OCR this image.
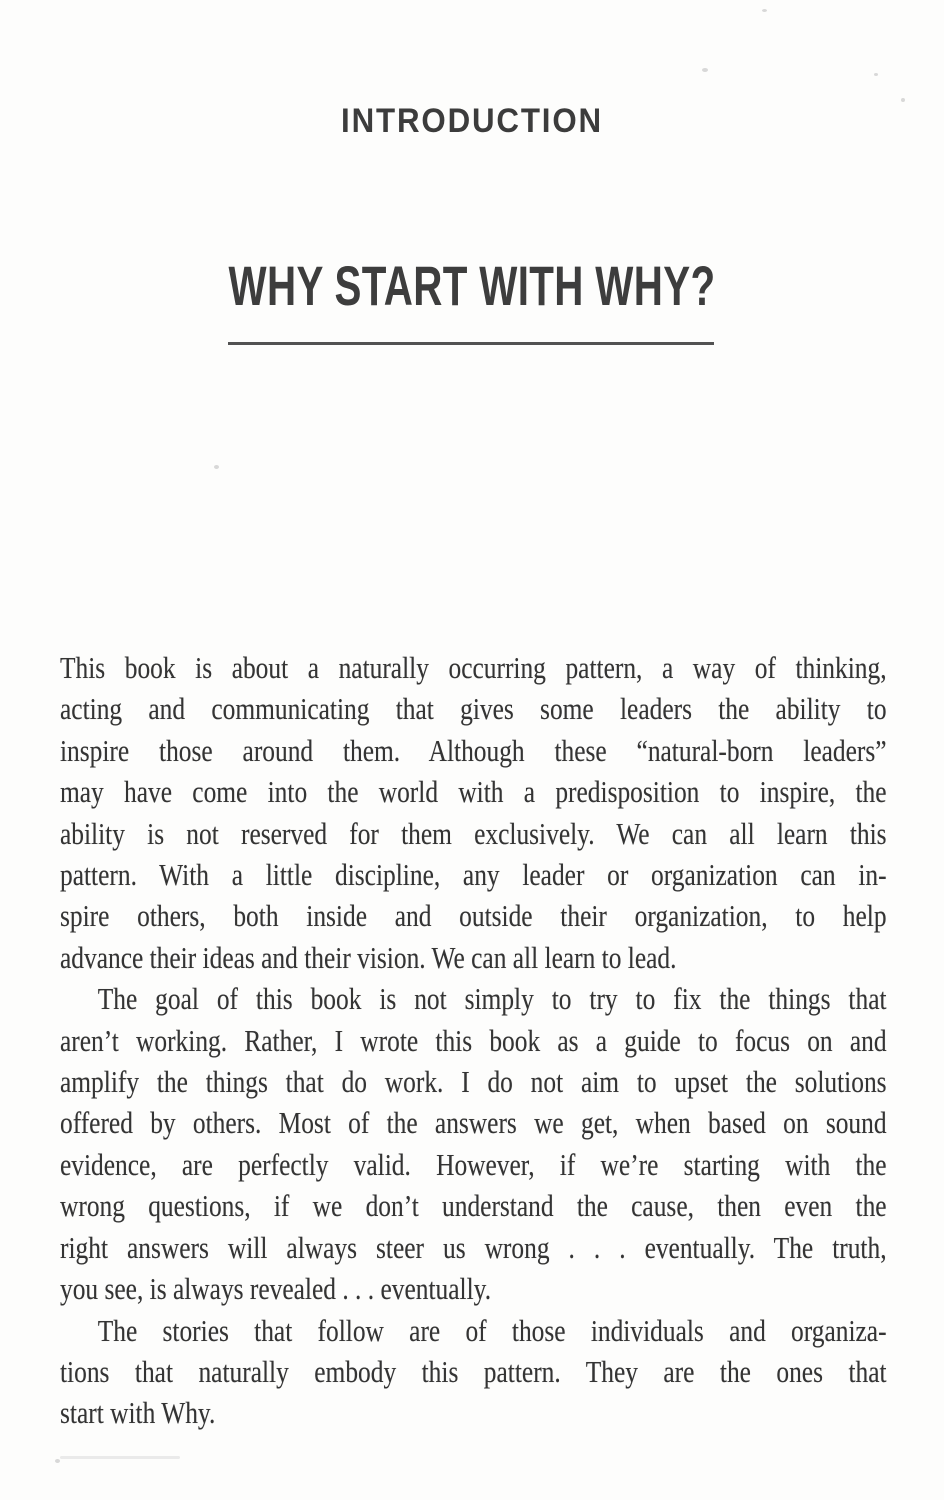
INTRODUCTION
WHY START WITH WHY?
This book is about a naturally occurring pattern, a way of thinking,
acting and communicating that gives some leaders the ability to
inspire those around them. Although these “natural-born leaders”
may have come into the world with a predisposition to inspire, the
ability is not reserved for them exclusively. We can all learn this
pattern. With a little discipline, any leader or organization can in-
spire others, both inside and outside their organization, to help
advance their ideas and their vision. We can all learn to lead.
The goal of this book is not simply to try to fix the things that
aren’t working. Rather, I wrote this book as a guide to focus on and
amplify the things that do work. I do not aim to upset the solutions
offered by others. Most of the answers we get, when based on sound
evidence, are perfectly valid. However, if we’re starting with the
wrong questions, if we don’t understand the cause, then even the
right answers will always steer us wrong . . . eventually. The truth,
you see, is always revealed . . . eventually.
The stories that follow are of those individuals and organiza-
tions that naturally embody this pattern. They are the ones that
start with Why.
